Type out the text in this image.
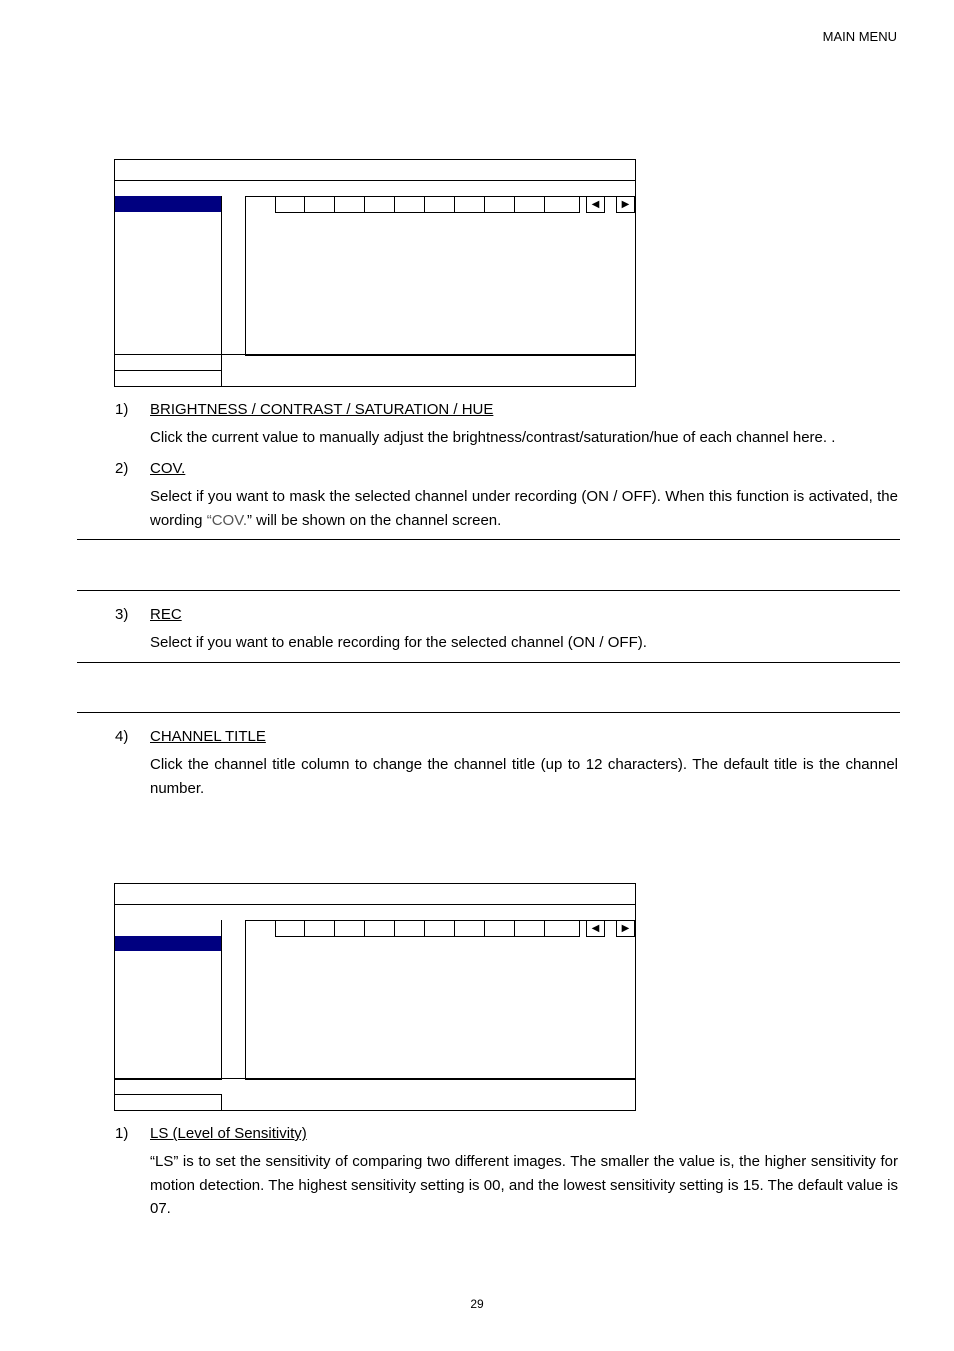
MAIN MENU
◀	▶
1) BRIGHTNESS / CONTRAST / SATURATION / HUE
Click the current value to manually adjust the brightness/contrast/saturation/hue of each channel here. .
2) COV.
Select if you want to mask the selected channel under recording (ON / OFF). When this function is activated, the wording “COV.” will be shown on the channel screen.
3) REC
Select if you want to enable recording for the selected channel (ON / OFF).
4) CHANNEL TITLE
Click the channel title column to change the channel title (up to 12 characters). The default title is the channel number.
◀	▶
1) LS (Level of Sensitivity)
“LS” is to set the sensitivity of comparing two different images. The smaller the value is, the higher sensitivity for motion detection. The highest sensitivity setting is 00, and the lowest sensitivity setting is 15. The default value is 07.
29
